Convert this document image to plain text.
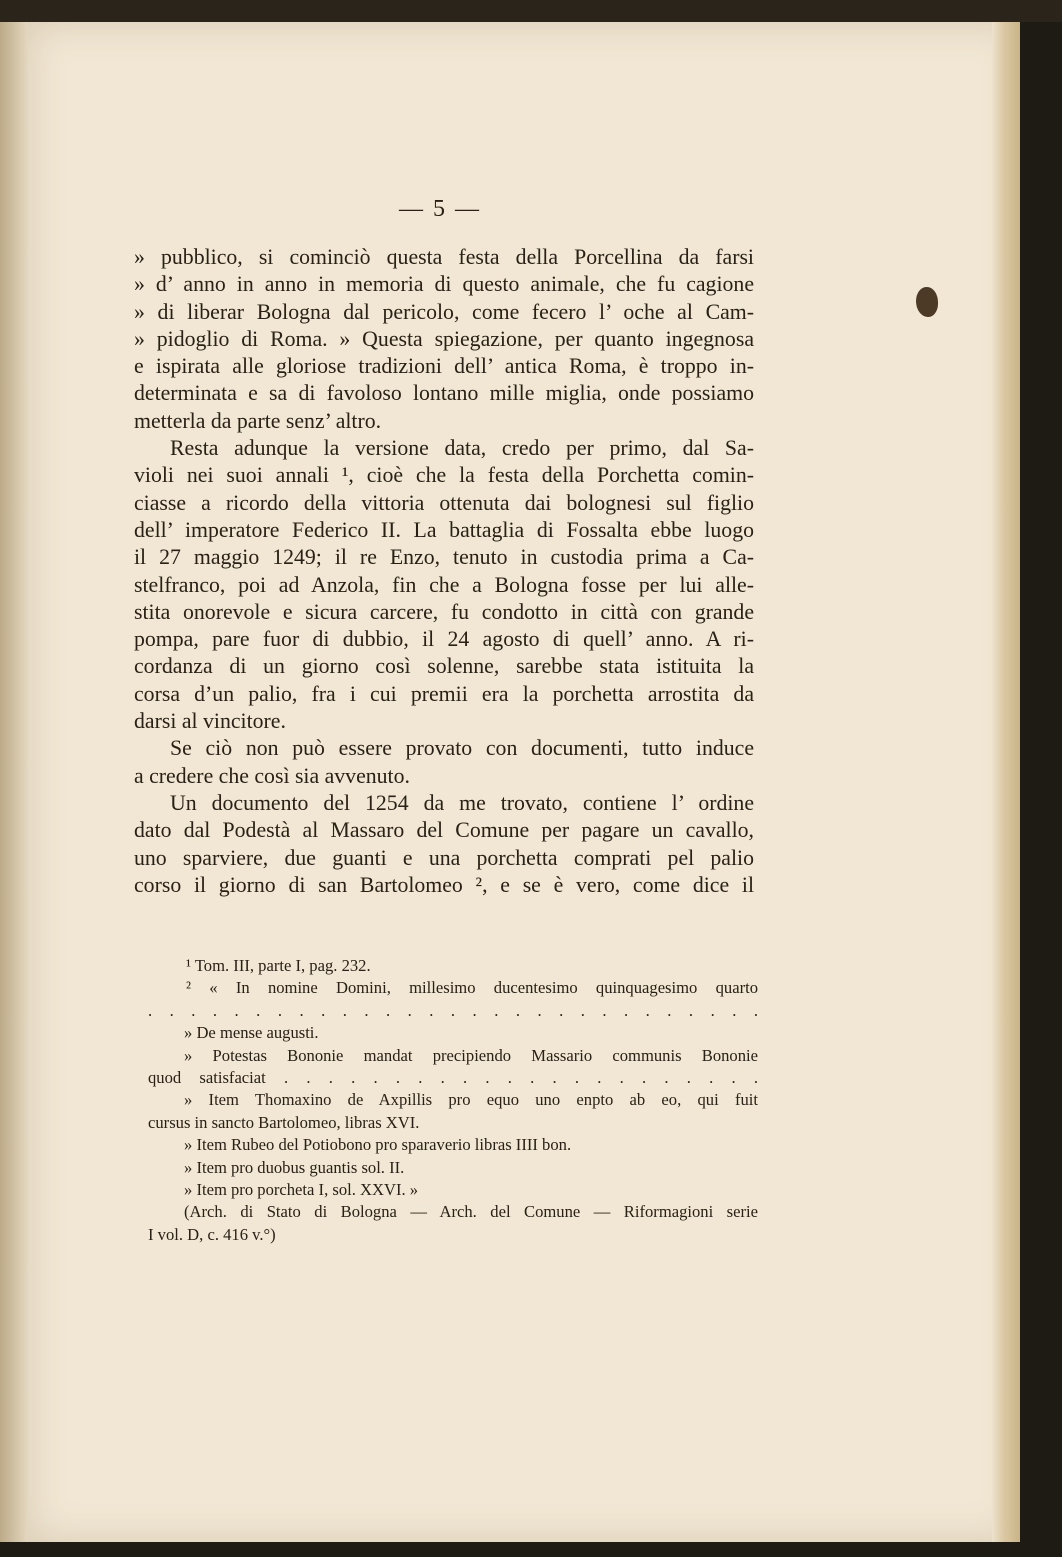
— 5 —
» pubblico, si cominciò questa festa della Porcellina da farsi
» d’ anno in anno in memoria di questo animale, che fu cagione
» di liberar Bologna dal pericolo, come fecero l’ oche al Cam-
» pidoglio di Roma. » Questa spiegazione, per quanto ingegnosa
e ispirata alle gloriose tradizioni dell’ antica Roma, è troppo in-
determinata e sa di favoloso lontano mille miglia, onde possiamo
metterla da parte senz’ altro.
Resta adunque la versione data, credo per primo, dal Sa-
violi nei suoi annali ¹, cioè che la festa della Porchetta comin-
ciasse a ricordo della vittoria ottenuta dai bolognesi sul figlio
dell’ imperatore Federico II. La battaglia di Fossalta ebbe luogo
il 27 maggio 1249; il re Enzo, tenuto in custodia prima a Ca-
stelfranco, poi ad Anzola, fin che a Bologna fosse per lui alle-
stita onorevole e sicura carcere, fu condotto in città con grande
pompa, pare fuor di dubbio, il 24 agosto di quell’ anno. A ri-
cordanza di un giorno così solenne, sarebbe stata istituita la
corsa d’un palio, fra i cui premii era la porchetta arrostita da
darsi al vincitore.
Se ciò non può essere provato con documenti, tutto induce
a credere che così sia avvenuto.
Un documento del 1254 da me trovato, contiene l’ ordine
dato dal Podestà al Massaro del Comune per pagare un cavallo,
uno sparviere, due guanti e una porchetta comprati pel palio
corso il giorno di san Bartolomeo ², e se è vero, come dice il
¹ Tom. III, parte I, pag. 232.
² « In nomine Domini, millesimo ducentesimo quinquagesimo quarto
. . . . . . . . . . . . . . . . . . . . . . . . . . . . .
» De mense augusti.
» Potestas Bononie mandat precipiendo Massario communis Bononie
quod satisfaciat . . . . . . . . . . . . . . . . . . . . . .
» Item Thomaxino de Axpillis pro equo uno enpto ab eo, qui fuit
cursus in sancto Bartolomeo, libras XVI.
» Item Rubeo del Potiobono pro sparaverio libras IIII bon.
» Item pro duobus guantis sol. II.
» Item pro porcheta I, sol. XXVI. »
(Arch. di Stato di Bologna — Arch. del Comune — Riformagioni serie
I vol. D, c. 416 v.°)
